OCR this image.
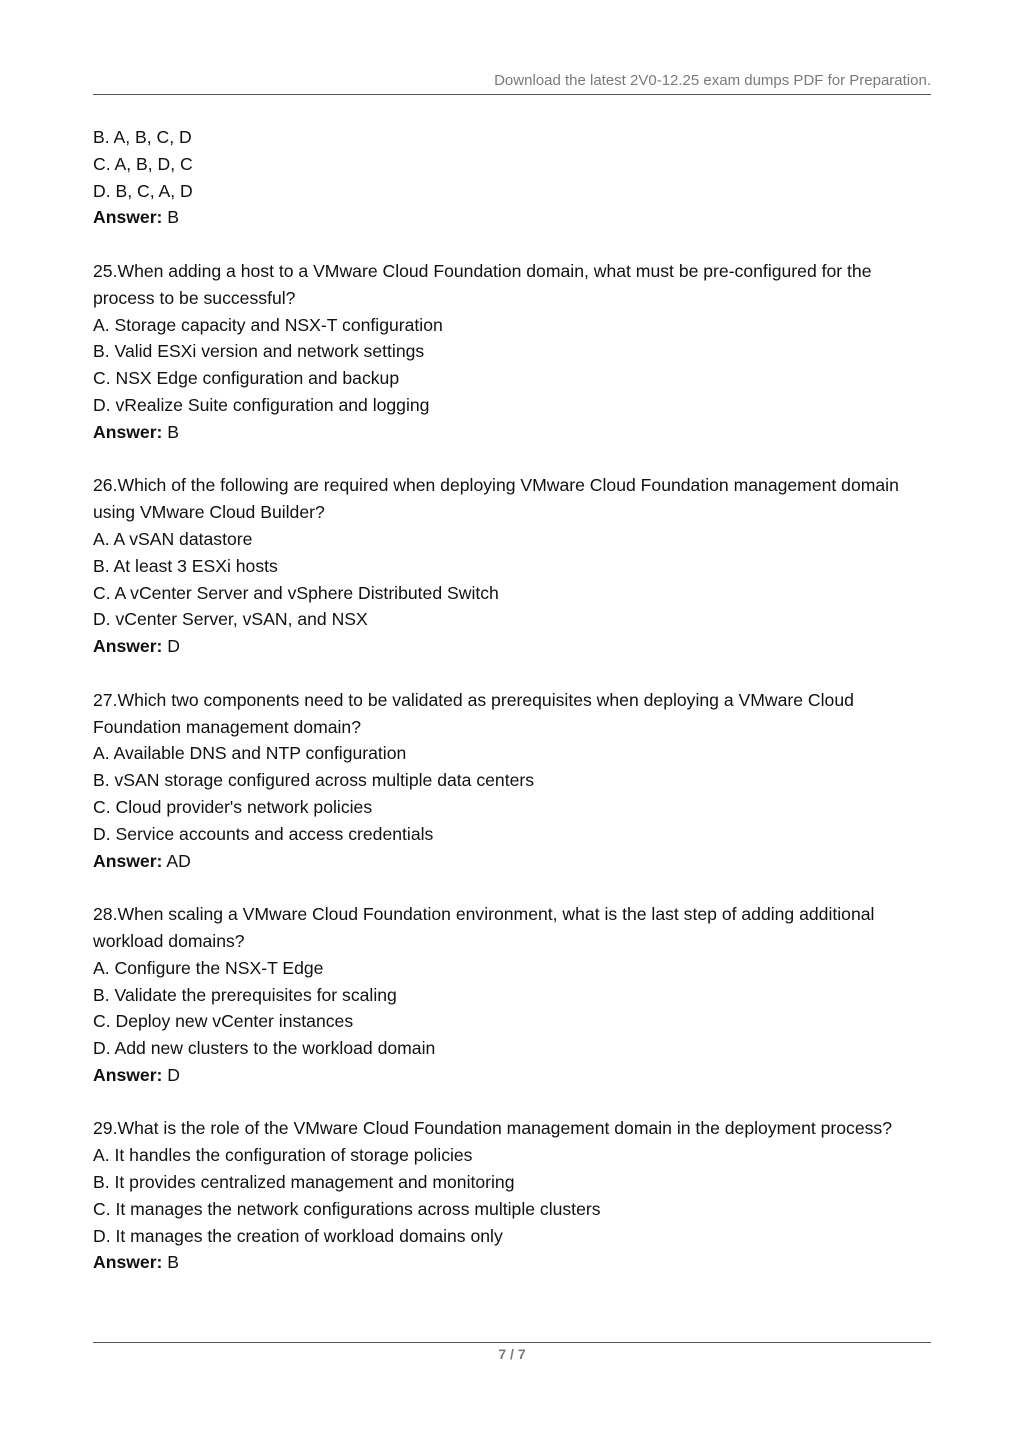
Download the latest 2V0-12.25 exam dumps PDF for Preparation.

B. A, B, C, D

C. A, B, D, C

D. B, C, A, D

Answer: B

25.When adding a host to a VMware Cloud Foundation domain, what must be pre-configured for the

process to be successful?

A. Storage capacity and NSX-T configuration

B. Valid ESXi version and network settings

C. NSX Edge configuration and backup

D. vRealize Suite configuration and logging

Answer: B

26.Which of the following are required when deploying VMware Cloud Foundation management domain

using VMware Cloud Builder?

A. A vSAN datastore

B. At least 3 ESXi hosts

C. A vCenter Server and vSphere Distributed Switch

D. vCenter Server, vSAN, and NSX

Answer: D

27.Which two components need to be validated as prerequisites when deploying a VMware Cloud

Foundation management domain?

A. Available DNS and NTP configuration

B. vSAN storage configured across multiple data centers

C. Cloud provider's network policies

D. Service accounts and access credentials

Answer: AD

28.When scaling a VMware Cloud Foundation environment, what is the last step of adding additional

workload domains?

A. Configure the NSX-T Edge

B. Validate the prerequisites for scaling

C. Deploy new vCenter instances

D. Add new clusters to the workload domain

Answer: D

29.What is the role of the VMware Cloud Foundation management domain in the deployment process?

A. It handles the configuration of storage policies

B. It provides centralized management and monitoring

C. It manages the network configurations across multiple clusters

D. It manages the creation of workload domains only

Answer: B

7 / 7
